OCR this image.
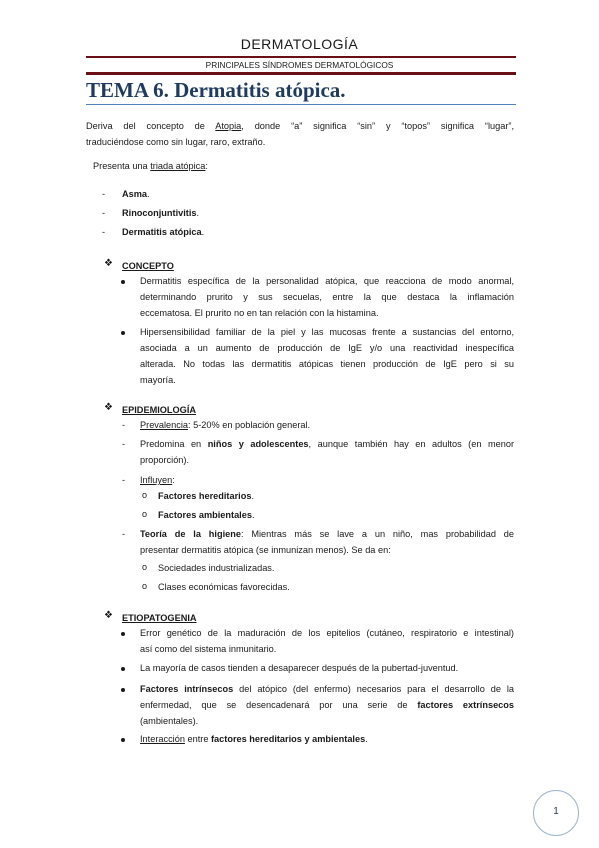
DERMATOLOGÍA
PRINCIPALES SÍNDROMES DERMATOLÓGICOS
TEMA 6. Dermatitis atópica.
Deriva del concepto de Atopia, donde “a” significa “sin” y “topos” significa “lugar”,
traduciéndose como sin lugar, raro, extraño.
Presenta una triada atópica:
- Asma.
- Rinoconjuntivitis.
- Dermatitis atópica.
❖ CONCEPTO
Dermatitis específica de la personalidad atópica, que reacciona de modo anormal,
determinando prurito y sus secuelas, entre la que destaca la inflamación
eccematosa. El prurito no en tan relación con la histamina.
Hipersensibilidad familiar de la piel y las mucosas frente a sustancias del entorno,
asociada a un aumento de producción de IgE y/o una reactividad inespecífica
alterada. No todas las dermatitis atópicas tienen producción de IgE pero si su
mayoría.
❖ EPIDEMIOLOGÍA
- Prevalencia: 5-20% en población general.
- Predomina en niños y adolescentes, aunque también hay en adultos (en menor
proporción).
- Influyen:
o Factores hereditarios.
o Factores ambientales.
- Teoría de la higiene: Mientras más se lave a un niño, mas probabilidad de
presentar dermatitis atópica (se inmunizan menos). Se da en:
o Sociedades industrializadas.
o Clases económicas favorecidas.
❖ ETIOPATOGENIA
Error genético de la maduración de los epitelios (cutáneo, respiratorio e intestinal)
así como del sistema inmunitario.
La mayoría de casos tienden a desaparecer después de la pubertad-juventud.
Factores intrínsecos del atópico (del enfermo) necesarios para el desarrollo de la
enfermedad, que se desencadenará por una serie de factores extrínsecos
(ambientales).
Interacción entre factores hereditarios y ambientales.
1
